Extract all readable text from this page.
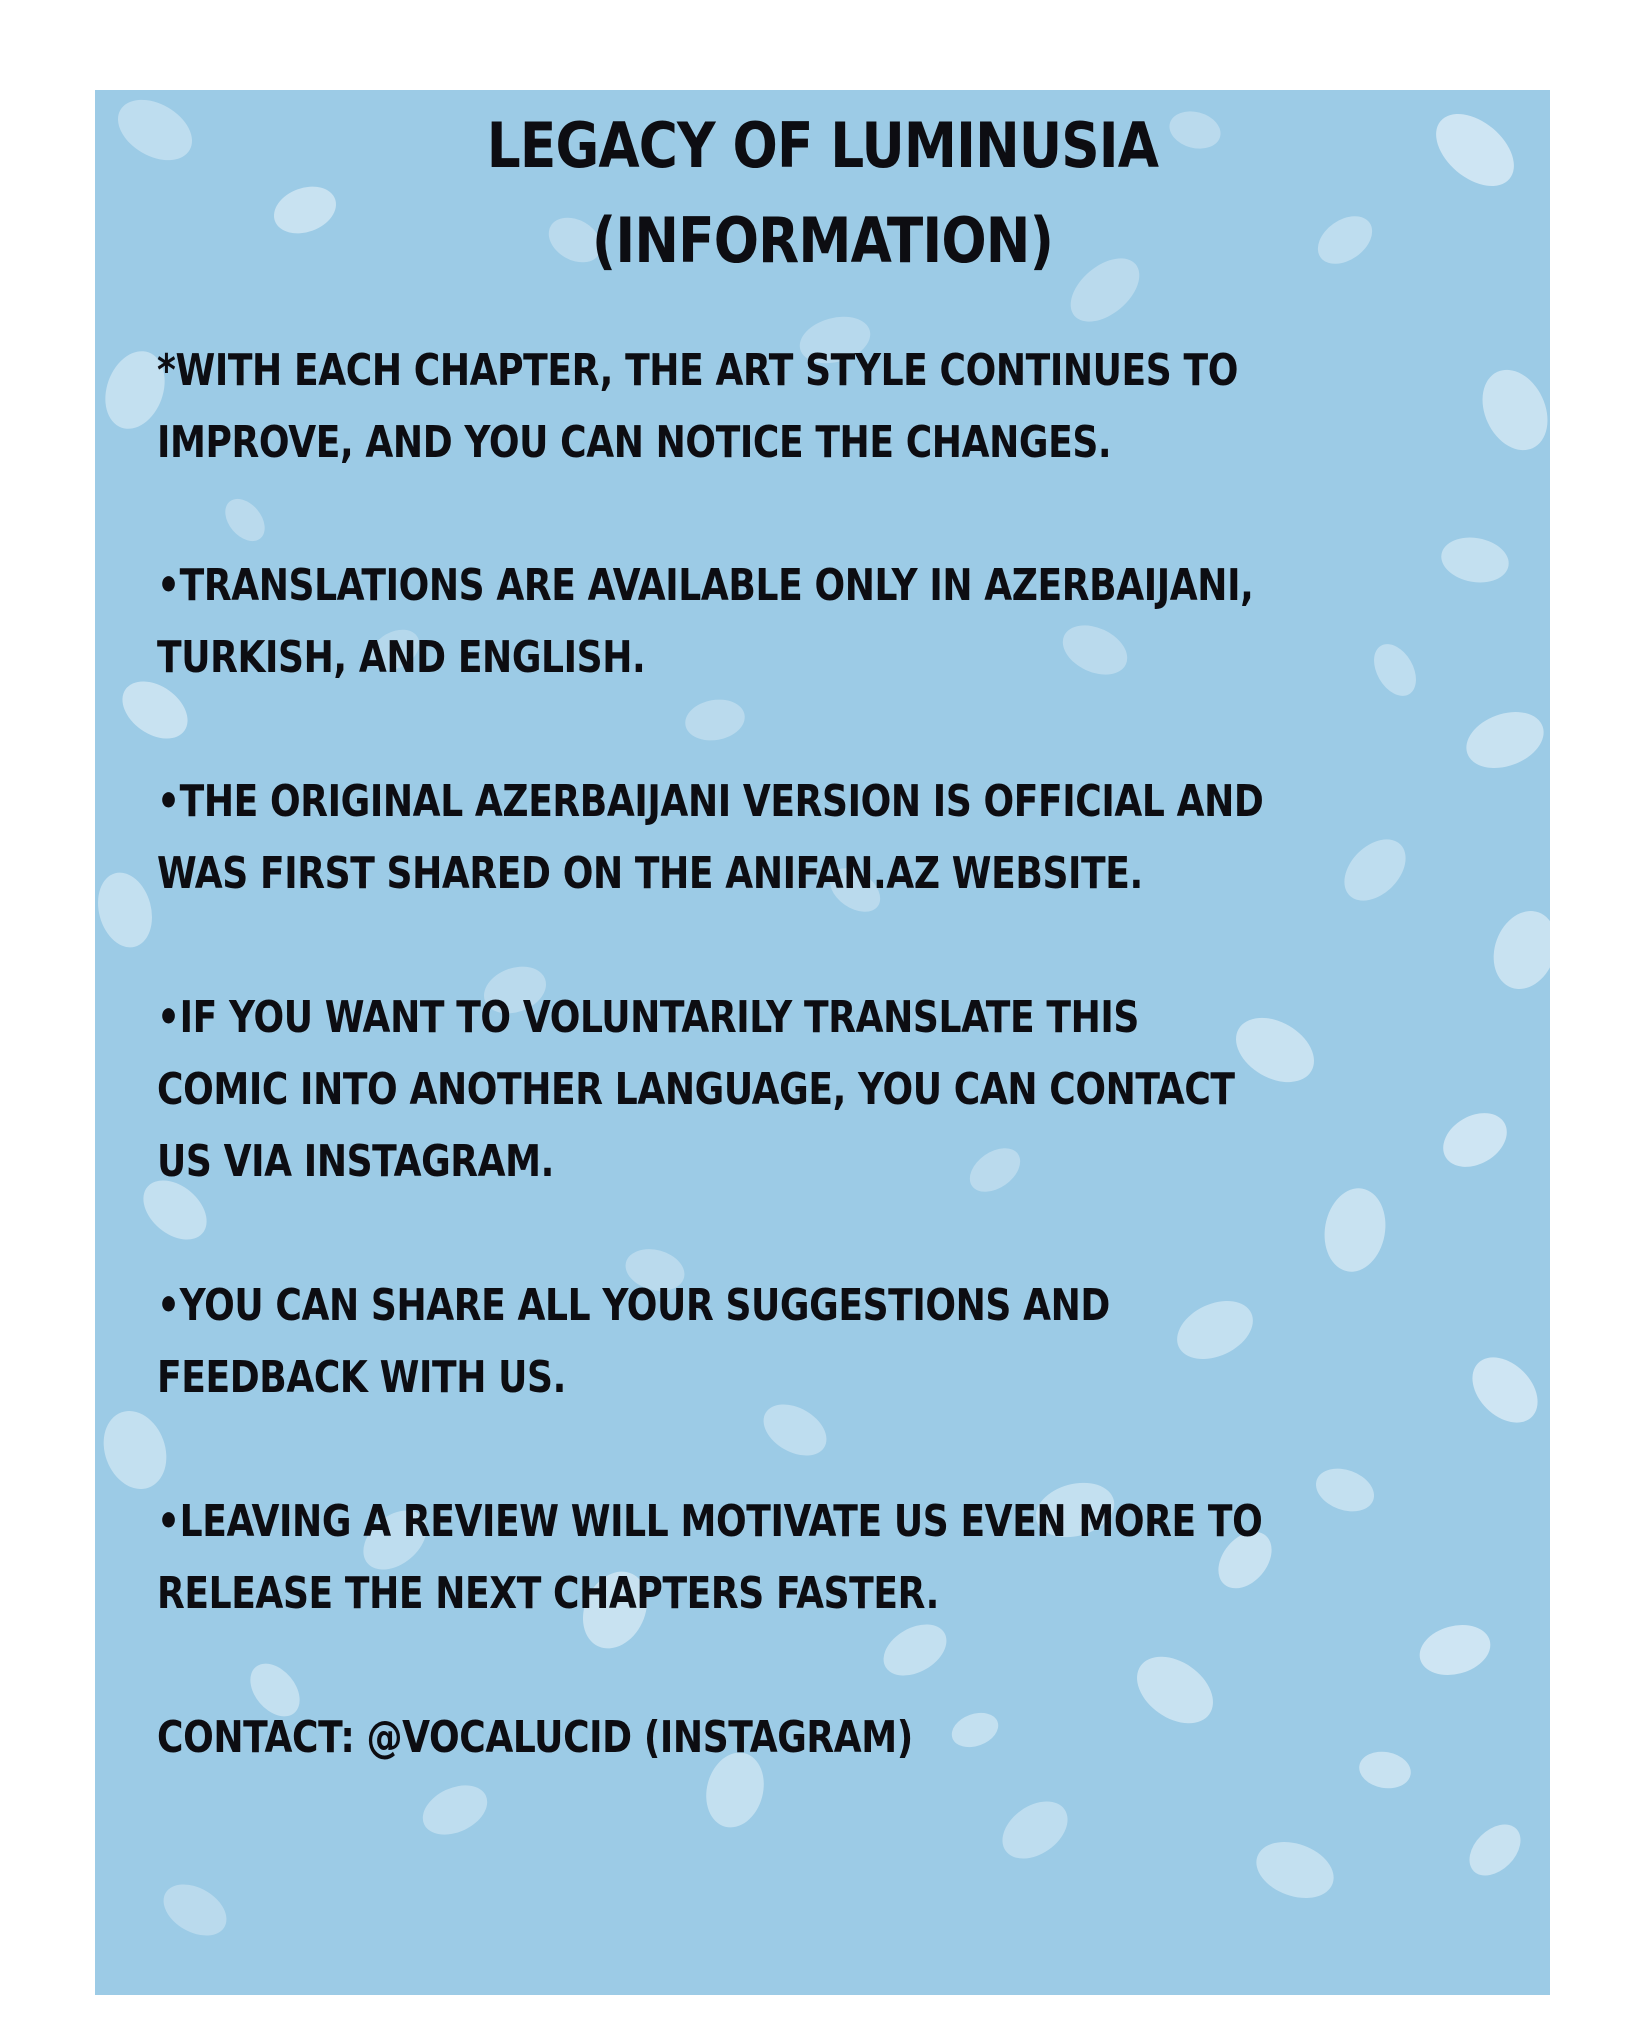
LEGACY OF LUMINUSIA
(INFORMATION)

*WITH EACH CHAPTER, THE ART STYLE CONTINUES TO
IMPROVE, AND YOU CAN NOTICE THE CHANGES.

•TRANSLATIONS ARE AVAILABLE ONLY IN AZERBAIJANI,
TURKISH, AND ENGLISH.

•THE ORIGINAL AZERBAIJANI VERSION IS OFFICIAL AND
WAS FIRST SHARED ON THE ANIFAN.AZ WEBSITE.

•IF YOU WANT TO VOLUNTARILY TRANSLATE THIS
COMIC INTO ANOTHER LANGUAGE, YOU CAN CONTACT
US VIA INSTAGRAM.

•YOU CAN SHARE ALL YOUR SUGGESTIONS AND
FEEDBACK WITH US.

•LEAVING A REVIEW WILL MOTIVATE US EVEN MORE TO
RELEASE THE NEXT CHAPTERS FASTER.

CONTACT: @VOCALUCID (INSTAGRAM)
